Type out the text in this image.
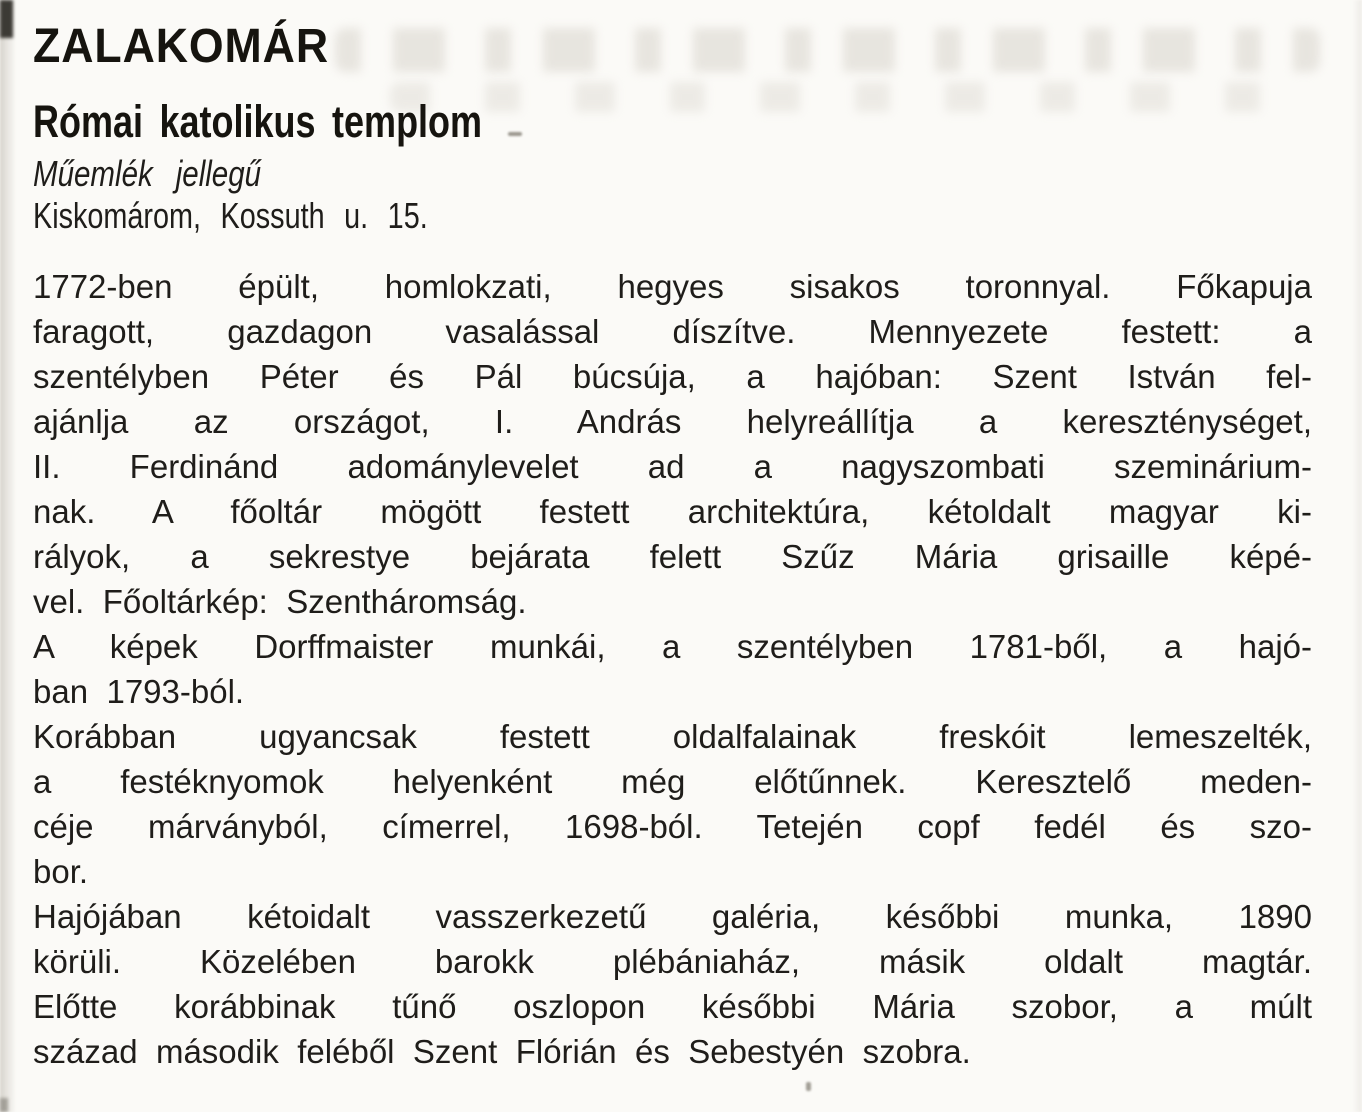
ZALAKOMÁR
Római katolikus templom
Műemlék jellegű
Kiskomárom, Kossuth u. 15.
1772-ben épült, homlokzati, hegyes sisakos toronnyal. Főkapuja
faragott, gazdagon vasalással díszítve. Mennyezete festett: a
szentélyben Péter és Pál búcsúja, a hajóban: Szent István fel-
ajánlja az országot, I. András helyreállítja a kereszténységet,
II. Ferdinánd adománylevelet ad a nagyszombati szeminárium-
nak. A főoltár mögött festett architektúra, kétoldalt magyar ki-
rályok, a sekrestye bejárata felett Szűz Mária grisaille képé-
vel. Főoltárkép: Szentháromság.
A képek Dorffmaister munkái, a szentélyben 1781-ből, a hajó-
ban 1793-ból.
Korábban ugyancsak festett oldalfalainak freskóit lemeszelték,
a festéknyomok helyenként még előtűnnek. Keresztelő meden-
céje márványból, címerrel, 1698-ból. Tetején copf fedél és szo-
bor.
Hajójában kétoidalt vasszerkezetű galéria, későbbi munka, 1890
körüli. Közelében barokk plébániaház, másik oldalt magtár.
Előtte korábbinak tűnő oszlopon későbbi Mária szobor, a múlt
század második feléből Szent Flórián és Sebestyén szobra.
